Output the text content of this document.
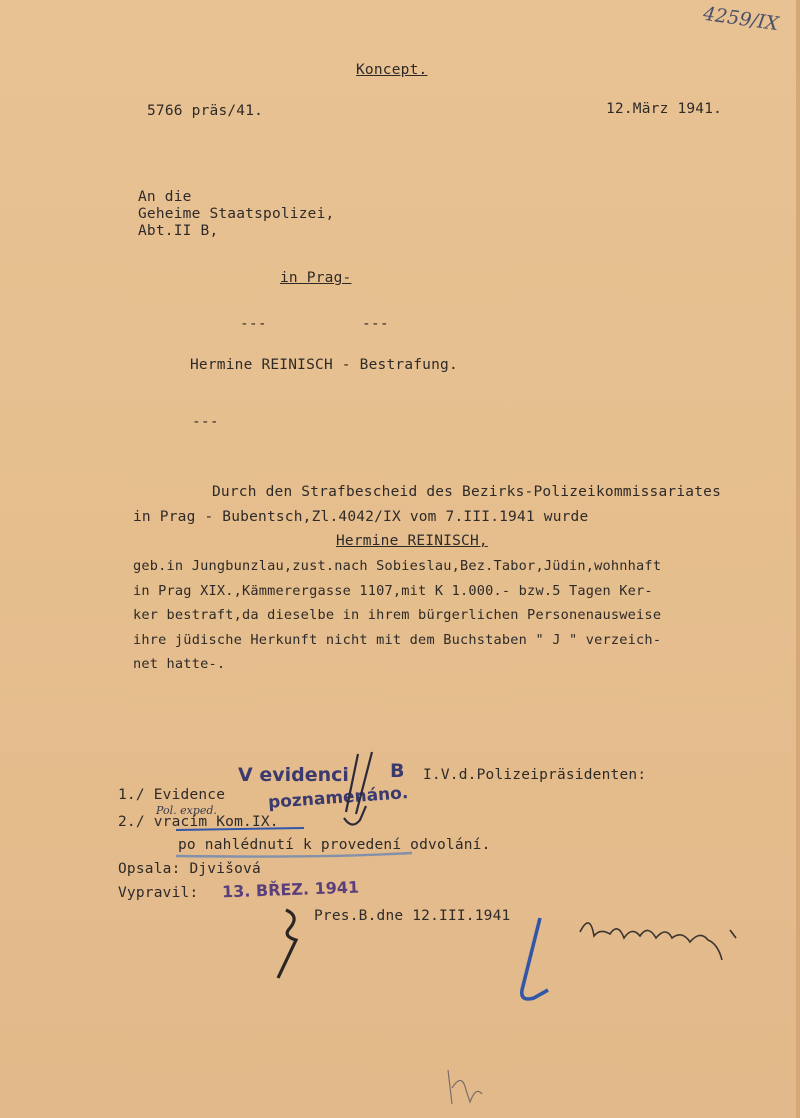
4259/IX
Koncept.
5766 präs/41.	12.März 1941.
An die
Geheime Staatspolizei,
Abt.II B,
in Prag-
---	---
Hermine REINISCH - Bestrafung.
---
Durch den Strafbescheid des Bezirks-Polizeikommissariates
in Prag - Bubentsch,Zl.4042/IX vom 7.III.1941 wurde
Hermine REINISCH,
geb.in Jungbunzlau,zust.nach Sobieslau,Bez.Tabor,Jüdin,wohnhaft
in Prag XIX.,Kämmerergasse 1107,mit K 1.000.- bzw.5 Tagen Ker-
ker bestraft,da dieselbe in ihrem bürgerlichen Personenausweise
ihre jüdische Herkunft nicht mit dem Buchstaben " J " verzeich-
net hatte-.
V evidenci B
poznamenáno.
I.V.d.Polizeipräsidenten:
1./ Evidence
Pol. exped.
2./ vracím Kom.IX.
po nahlédnutí k provedení odvolání.
Opsala: Djvišová
Vypravil: 13. BŘEZ. 1941
Pres.B.dne 12.III.1941
